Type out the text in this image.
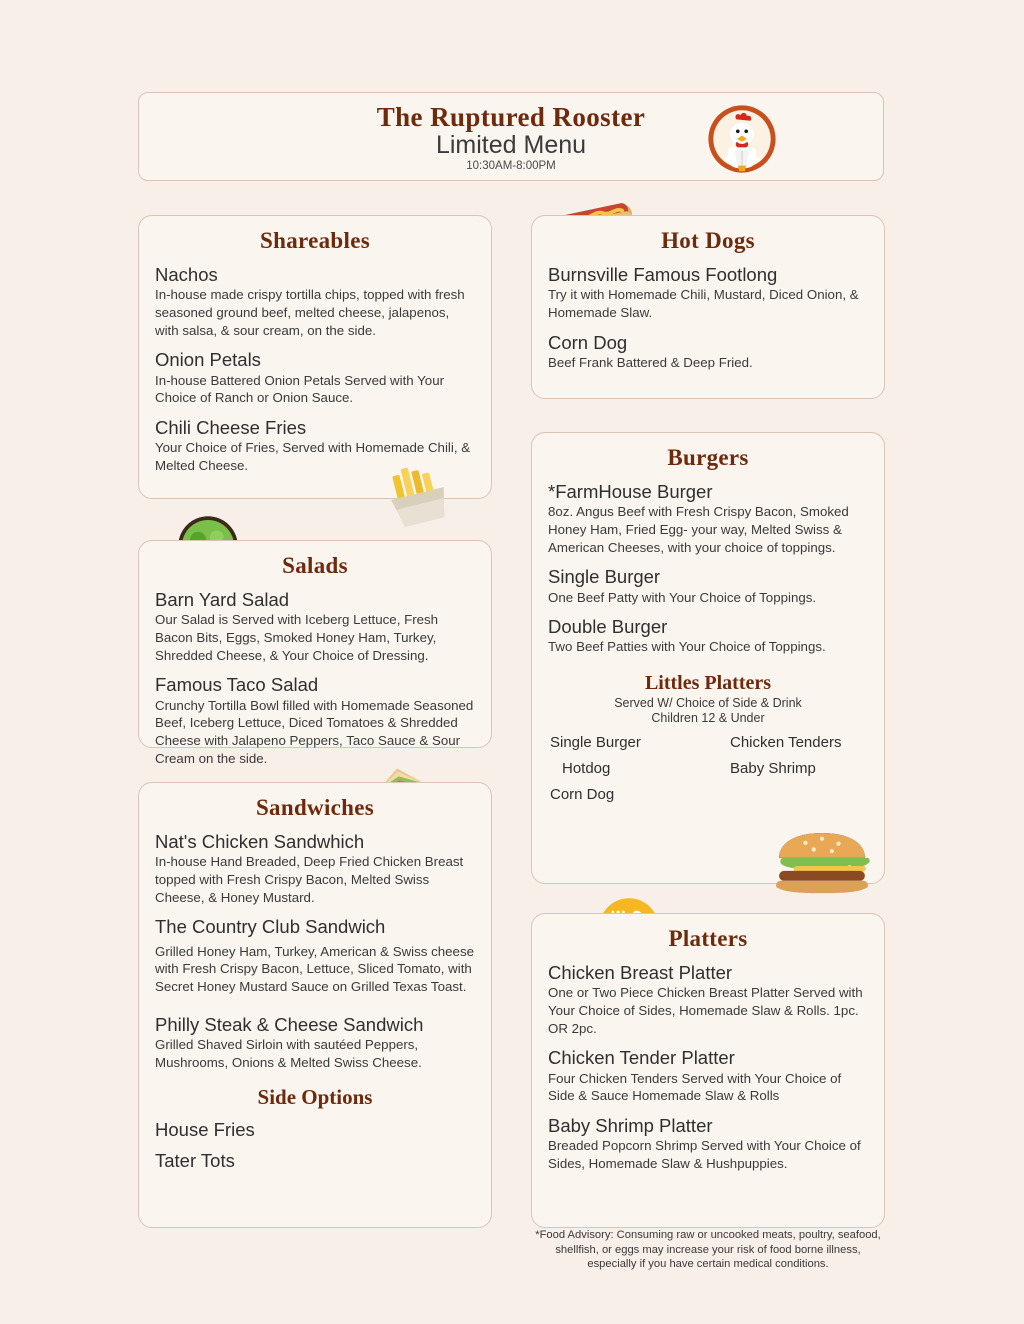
The Ruptured Rooster
Limited Menu
10:30AM-8:00PM
Shareables
Nachos

In-house made crispy tortilla chips, topped with fresh seasoned ground beef, melted cheese, jalapenos, with salsa, & sour cream, on the side.

Onion Petals

In-house Battered Onion Petals Served with Your Choice of Ranch or Onion Sauce.

Chili Cheese Fries

Your Choice of Fries, Served with Homemade Chili, & Melted Cheese.

Salads
Barn Yard Salad

Our Salad is Served with Iceberg Lettuce, Fresh Bacon Bits, Eggs, Smoked Honey Ham, Turkey, Shredded Cheese, & Your Choice of Dressing.

Famous Taco Salad

Crunchy Tortilla Bowl filled with Homemade Seasoned Beef, Iceberg Lettuce, Diced Tomatoes & Shredded Cheese with Jalapeno Peppers, Taco Sauce & Sour Cream on the side.

Sandwiches
Nat's Chicken Sandwhich

In-house Hand Breaded, Deep Fried Chicken Breast topped with Fresh Crispy Bacon, Melted Swiss Cheese, & Honey Mustard.

The Country Club Sandwich

Grilled Honey Ham, Turkey, American & Swiss cheese with Fresh Crispy Bacon, Lettuce, Sliced Tomato, with Secret Honey Mustard Sauce on Grilled Texas Toast.

Philly Steak & Cheese Sandwich

Grilled Shaved Sirloin with sautéed Peppers, Mushrooms, Onions & Melted Swiss Cheese.

Side Options
House Fries
Tater Tots
Hot Dogs
Burnsville Famous Footlong

Try it with Homemade Chili, Mustard, Diced Onion, & Homemade Slaw.

Corn Dog

Beef Frank Battered & Deep Fried.

Burgers
*FarmHouse Burger

8oz. Angus Beef with Fresh Crispy Bacon, Smoked Honey Ham, Fried Egg- your way, Melted Swiss & American Cheeses, with your choice of toppings.

Single Burger

One Beef Patty with Your Choice of Toppings.

Double Burger

Two Beef Patties with Your Choice of Toppings.

Littles Platters
Served W/ Choice of Side & Drink
Children 12 & Under
Single Burger	Chicken Tenders
Hotdog	Baby Shrimp
Corn Dog
Platters
Chicken Breast Platter

One or Two Piece Chicken Breast Platter Served with Your Choice of Sides, Homemade Slaw & Rolls. 1pc. OR 2pc.

Chicken Tender Platter

Four Chicken Tenders Served with Your Choice of Side & Sauce Homemade Slaw & Rolls

Baby Shrimp Platter

Breaded Popcorn Shrimp Served with Your Choice of Sides, Homemade Slaw & Hushpuppies.

*Food Advisory: Consuming raw or uncooked meats, poultry, seafood, shellfish, or eggs may increase your risk of food borne illness, especially if you have certain medical conditions.
